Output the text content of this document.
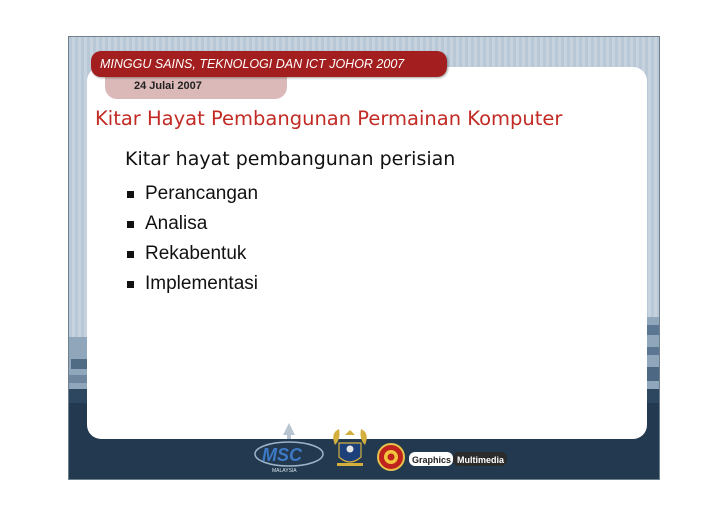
24 Julai 2007
MINGGU SAINS, TEKNOLOGI DAN ICT JOHOR 2007
Kitar Hayat Pembangunan Permainan Komputer
Kitar hayat pembangunan perisian
Perancangan
Analisa
Rekabentuk
Implementasi
MSC
MALAYSIA
Graphics Multimedia
